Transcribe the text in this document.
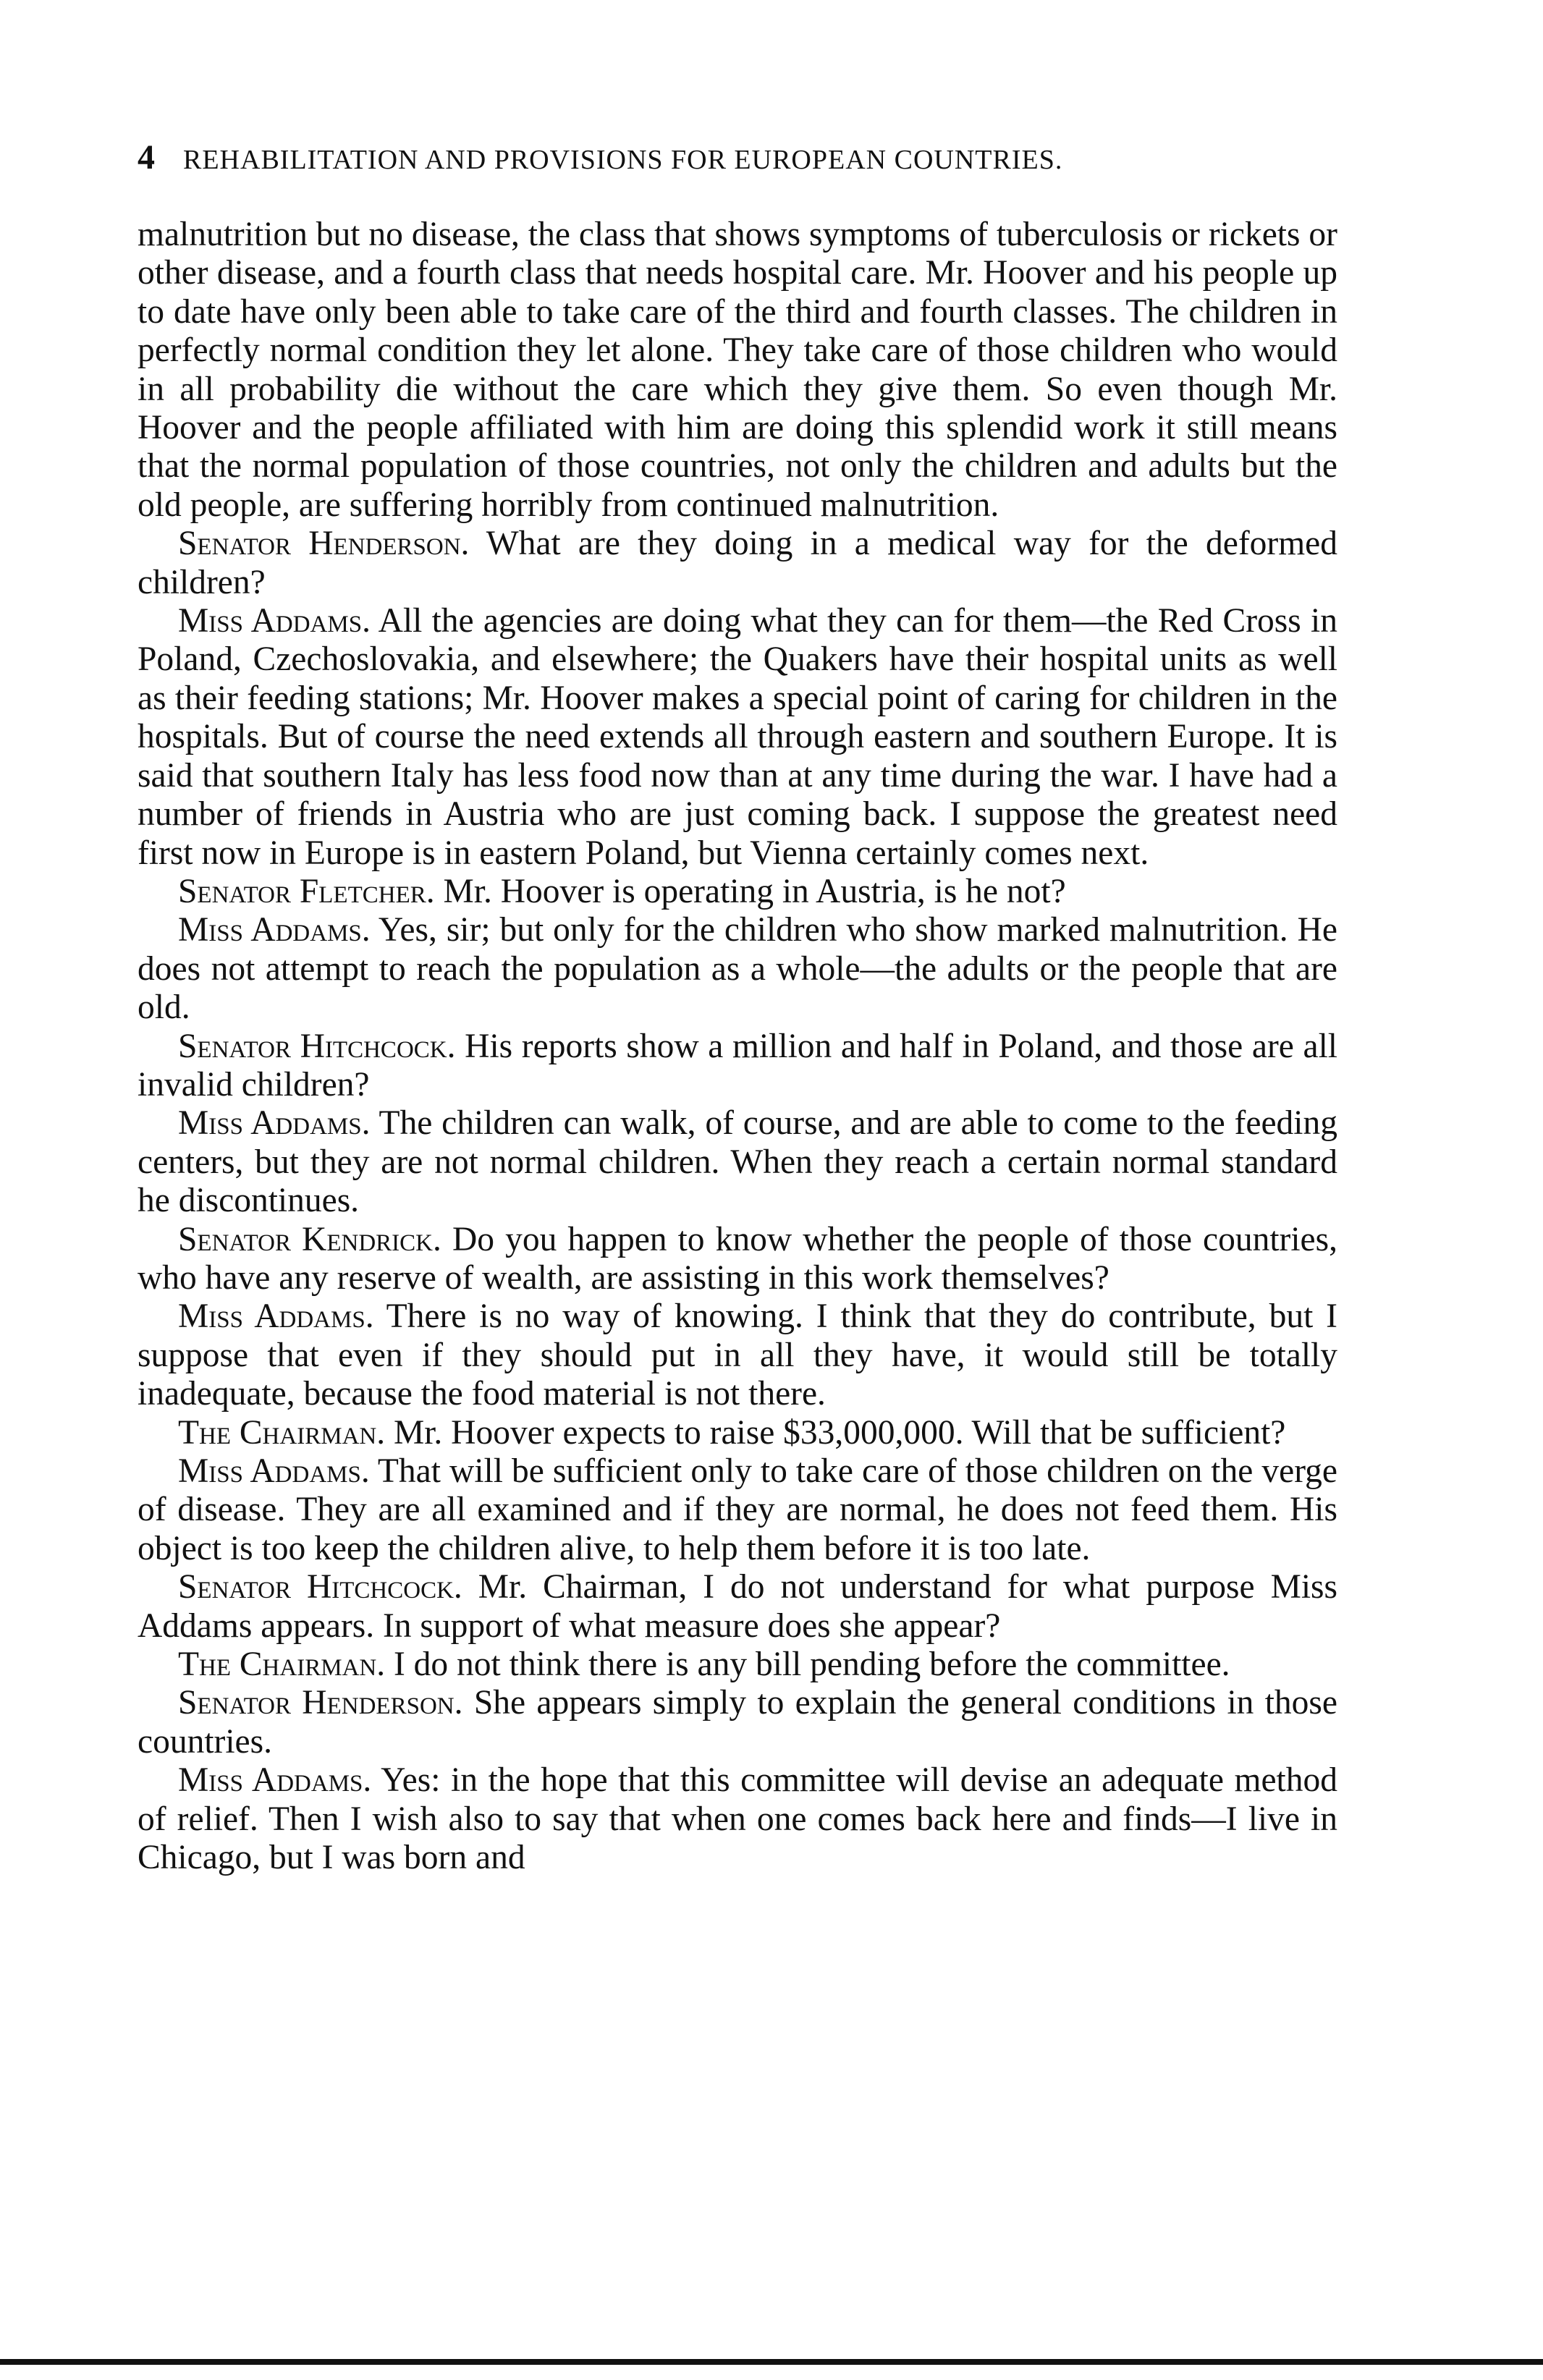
4 REHABILITATION AND PROVISIONS FOR EUROPEAN COUNTRIES.

malnutrition but no disease, the class that shows symptoms of tuberculosis or rickets or other disease, and a fourth class that needs hospital care. Mr. Hoover and his people up to date have only been able to take care of the third and fourth classes. The children in perfectly normal condition they let alone. They take care of those children who would in all probability die without the care which they give them. So even though Mr. Hoover and the people affiliated with him are doing this splendid work it still means that the normal population of those countries, not only the children and adults but the old people, are suffering horribly from continued malnutrition.

Senator Henderson. What are they doing in a medical way for the deformed children?

Miss Addams. All the agencies are doing what they can for them—the Red Cross in Poland, Czechoslovakia, and elsewhere; the Quakers have their hospital units as well as their feeding stations; Mr. Hoover makes a special point of caring for children in the hospitals. But of course the need extends all through eastern and southern Europe. It is said that southern Italy has less food now than at any time during the war. I have had a number of friends in Austria who are just coming back. I suppose the greatest need first now in Europe is in eastern Poland, but Vienna certainly comes next.

Senator Fletcher. Mr. Hoover is operating in Austria, is he not?

Miss Addams. Yes, sir; but only for the children who show marked malnutrition. He does not attempt to reach the population as a whole—the adults or the people that are old.

Senator Hitchcock. His reports show a million and half in Poland, and those are all invalid children?

Miss Addams. The children can walk, of course, and are able to come to the feeding centers, but they are not normal children. When they reach a certain normal standard he discontinues.

Senator Kendrick. Do you happen to know whether the people of those countries, who have any reserve of wealth, are assisting in this work themselves?

Miss Addams. There is no way of knowing. I think that they do contribute, but I suppose that even if they should put in all they have, it would still be totally inadequate, because the food material is not there.

The Chairman. Mr. Hoover expects to raise $33,000,000. Will that be sufficient?

Miss Addams. That will be sufficient only to take care of those children on the verge of disease. They are all examined and if they are normal, he does not feed them. His object is too keep the children alive, to help them before it is too late.

Senator Hitchcock. Mr. Chairman, I do not understand for what purpose Miss Addams appears. In support of what measure does she appear?

The Chairman. I do not think there is any bill pending before the committee.

Senator Henderson. She appears simply to explain the general conditions in those countries.

Miss Addams. Yes: in the hope that this committee will devise an adequate method of relief. Then I wish also to say that when one comes back here and finds—I live in Chicago, but I was born and
